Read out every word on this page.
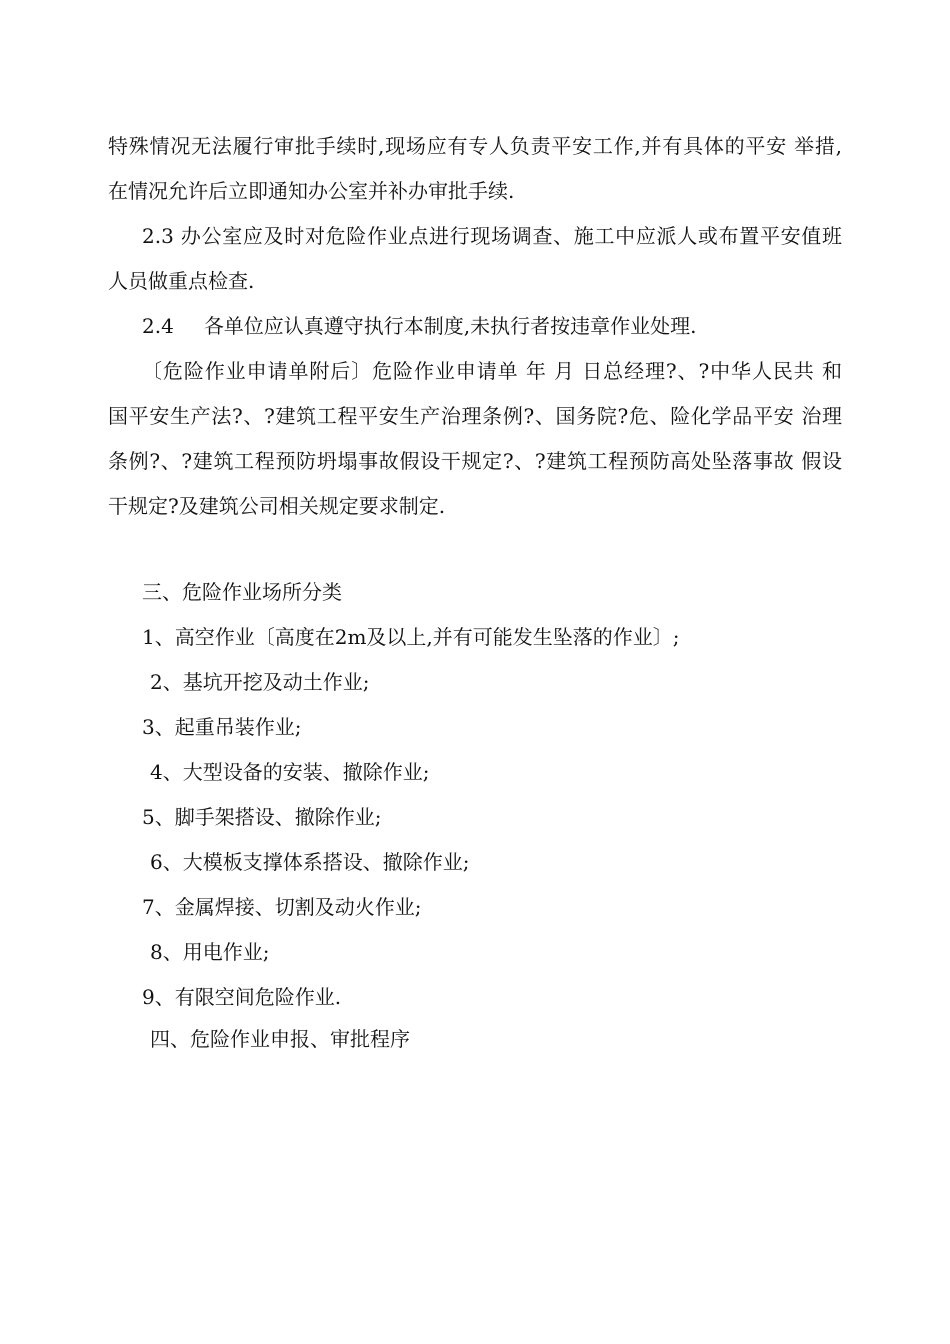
特殊情况无法履行审批手续时,现场应有专人负责平安工作,并有具体的平安 举措,
在情况允许后立即通知办公室并补办审批手续.
2.3 办公室应及时对危险作业点进行现场调查、施工中应派人或布置平安值班
人员做重点检查.
2.4 各单位应认真遵守执行本制度,未执行者按违章作业处理.
〔危险作业申请单附后〕危险作业申请单 年 月 日总经理?、?中华人民共 和
国平安生产法?、?建筑工程平安生产治理条例?、国务院?危、险化学品平安 治理
条例?、?建筑工程预防坍塌事故假设干规定?、?建筑工程预防高处坠落事故 假设
干规定?及建筑公司相关规定要求制定.
三、危险作业场所分类
1、高空作业〔高度在2m及以上,并有可能发生坠落的作业〕;
2、基坑开挖及动土作业;
3、起重吊装作业;
4、大型设备的安装、撤除作业;
5、脚手架搭设、撤除作业;
6、大模板支撑体系搭设、撤除作业;
7、金属焊接、切割及动火作业;
8、用电作业;
9、有限空间危险作业.
四、危险作业申报、审批程序
